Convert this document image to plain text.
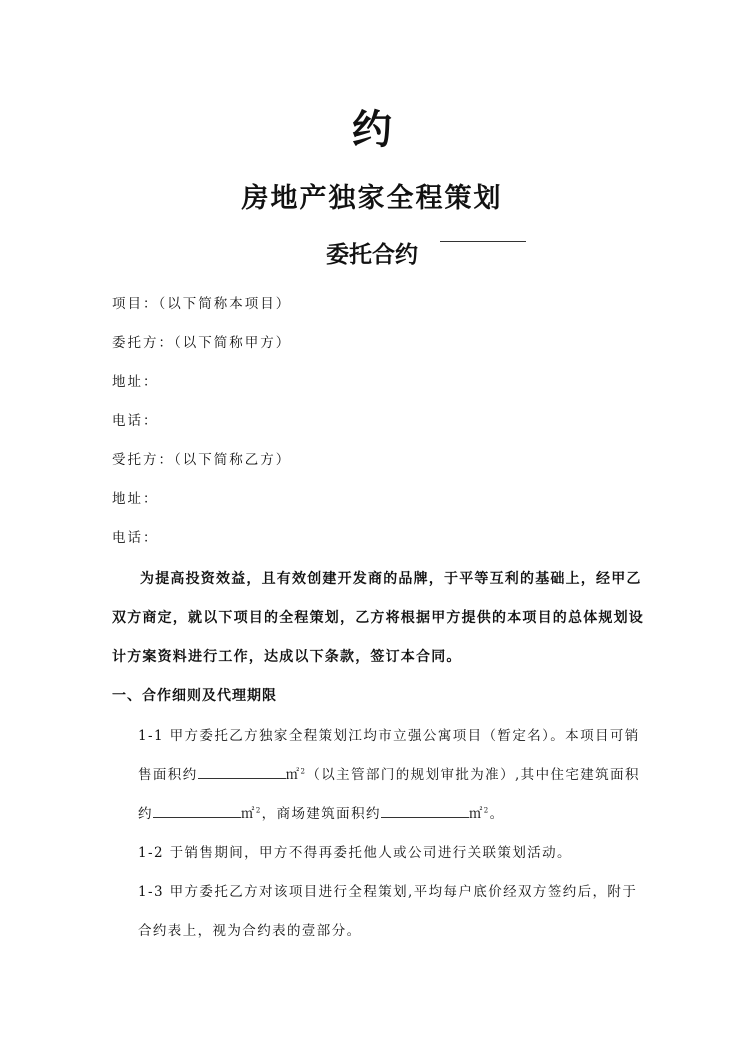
约
房地产独家全程策划
委托合约
项目：（以下简称本项目）
委托方：（以下简称甲方）
地址：
电话：
受托方：（以下简称乙方）
地址：
电话：
为提高投资效益，且有效创建开发商的品牌，于平等互利的基础上，经甲乙
双方商定，就以下项目的全程策划，乙方将根据甲方提供的本项目的总体规划设
计方案资料进行工作，达成以下条款，签订本合同。
一、合作细则及代理期限
1-1 甲方委托乙方独家全程策划江均市立强公寓项目（暂定名）。本项目可销
售面积约	㎡$^2$（以主管部门的规划审批为准）,其中住宅建筑面积
约	㎡$^2$，商场建筑面积约	㎡$^2$。
1-2 于销售期间，甲方不得再委托他人或公司进行关联策划活动。
1-3 甲方委托乙方对该项目进行全程策划,平均每户底价经双方签约后，附于
合约表上，视为合约表的壹部分。
